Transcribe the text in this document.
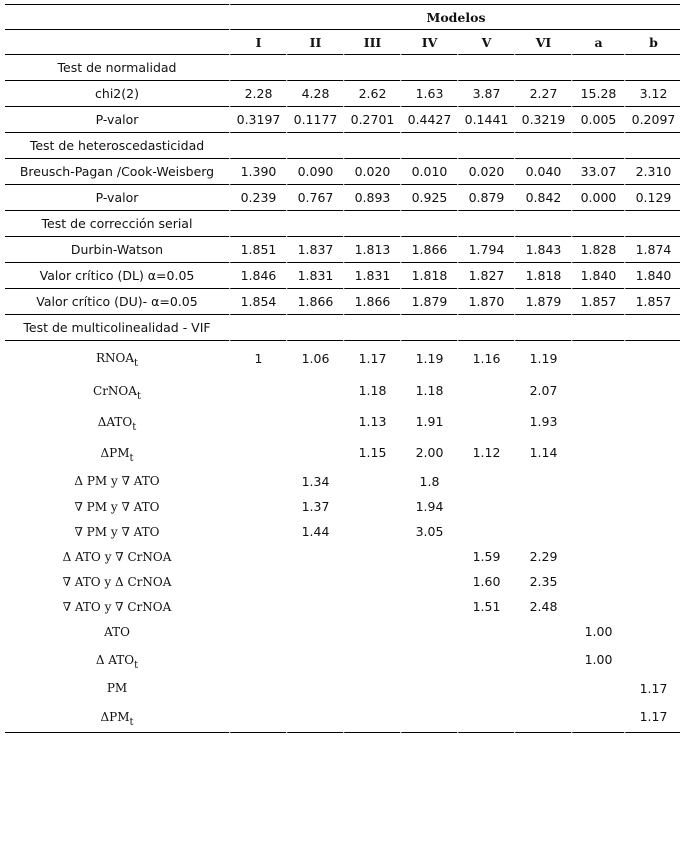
	Modelos							
	I	II	III	IV	V	VI	a	b
Test de normalidad								
chi2(2)	2.28	4.28	2.62	1.63	3.87	2.27	15.28	3.12
P-valor	0.3197	0.1177	0.2701	0.4427	0.1441	0.3219	0.005	0.2097
Test de heteroscedasticidad								
Breusch-Pagan /Cook-Weisberg	1.390	0.090	0.020	0.010	0.020	0.040	33.07	2.310
P-valor	0.239	0.767	0.893	0.925	0.879	0.842	0.000	0.129
Test de corrección serial								
Durbin-Watson	1.851	1.837	1.813	1.866	1.794	1.843	1.828	1.874
Valor crítico (DL) α=0.05	1.846	1.831	1.831	1.818	1.827	1.818	1.840	1.840
Valor crítico (DU)- α=0.05	1.854	1.866	1.866	1.879	1.870	1.879	1.857	1.857
Test de multicolinealidad - VIF								
$RNOA_t$	1	1.06	1.17	1.19	1.16	1.19		
CrNOA$_t$			1.18	1.18		2.07		
$\Delta ATO_t$			1.13	1.91		1.93		
$\Delta PM_t$			1.15	2.00	1.12	1.14		
Δ PM y ∇ ATO		1.34		1.8				
∇ PM y ∇ ATO		1.37		1.94				
∇ PM y ∇ ATO		1.44		3.05				
Δ ATO y ∇ CrNOA					1.59	2.29		
∇ ATO y Δ CrNOA					1.60	2.35		
∇ ATO y ∇ CrNOA					1.51	2.48		
ATO							1.00	
Δ $ATO_t$							1.00	
PM								1.17
$\Delta PM_t$								1.17
